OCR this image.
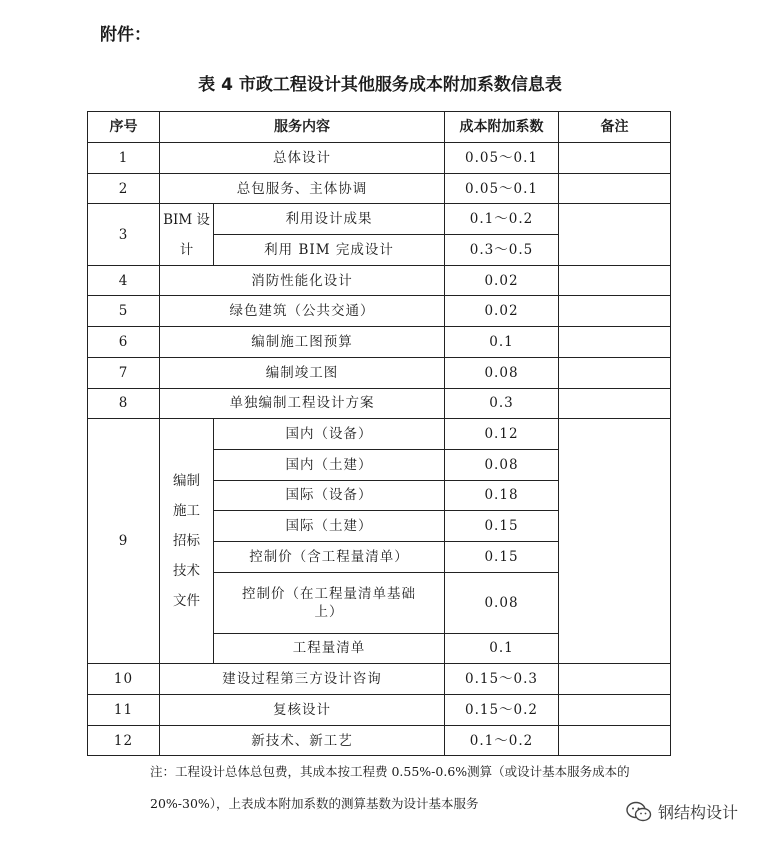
附件：
表 4 市政工程设计其他服务成本附加系数信息表
序号	服务内容		成本附加系数	备注
1	总体设计		0.05～0.1	
2	总包服务、主体协调		0.05～0.1	
3	BIM 设计	利用设计成果	0.1～0.2	
		利用 BIM 完成设计	0.3～0.5	
4	消防性能化设计		0.02	
5	绿色建筑（公共交通）		0.02	
6	编制施工图预算		0.1	
7	编制竣工图		0.08	
8	单独编制工程设计方案		0.3	
9	编制施工招标技术文件	国内（设备）	0.12	
		国内（土建）	0.08	
		国际（设备）	0.18	
		国际（土建）	0.15	
		控制价（含工程量清单）	0.15	
		控制价（在工程量清单基础上）	0.08	
		工程量清单	0.1	
10	建设过程第三方设计咨询		0.15～0.3	
11	复核设计		0.15～0.2	
12	新技术、新工艺		0.1～0.2	
注：工程设计总体总包费，其成本按工程费 0.55%-0.6%测算（或设计基本服务成本的20%-30%），上表成本附加系数的测算基数为设计基本服务	钢结构设计
